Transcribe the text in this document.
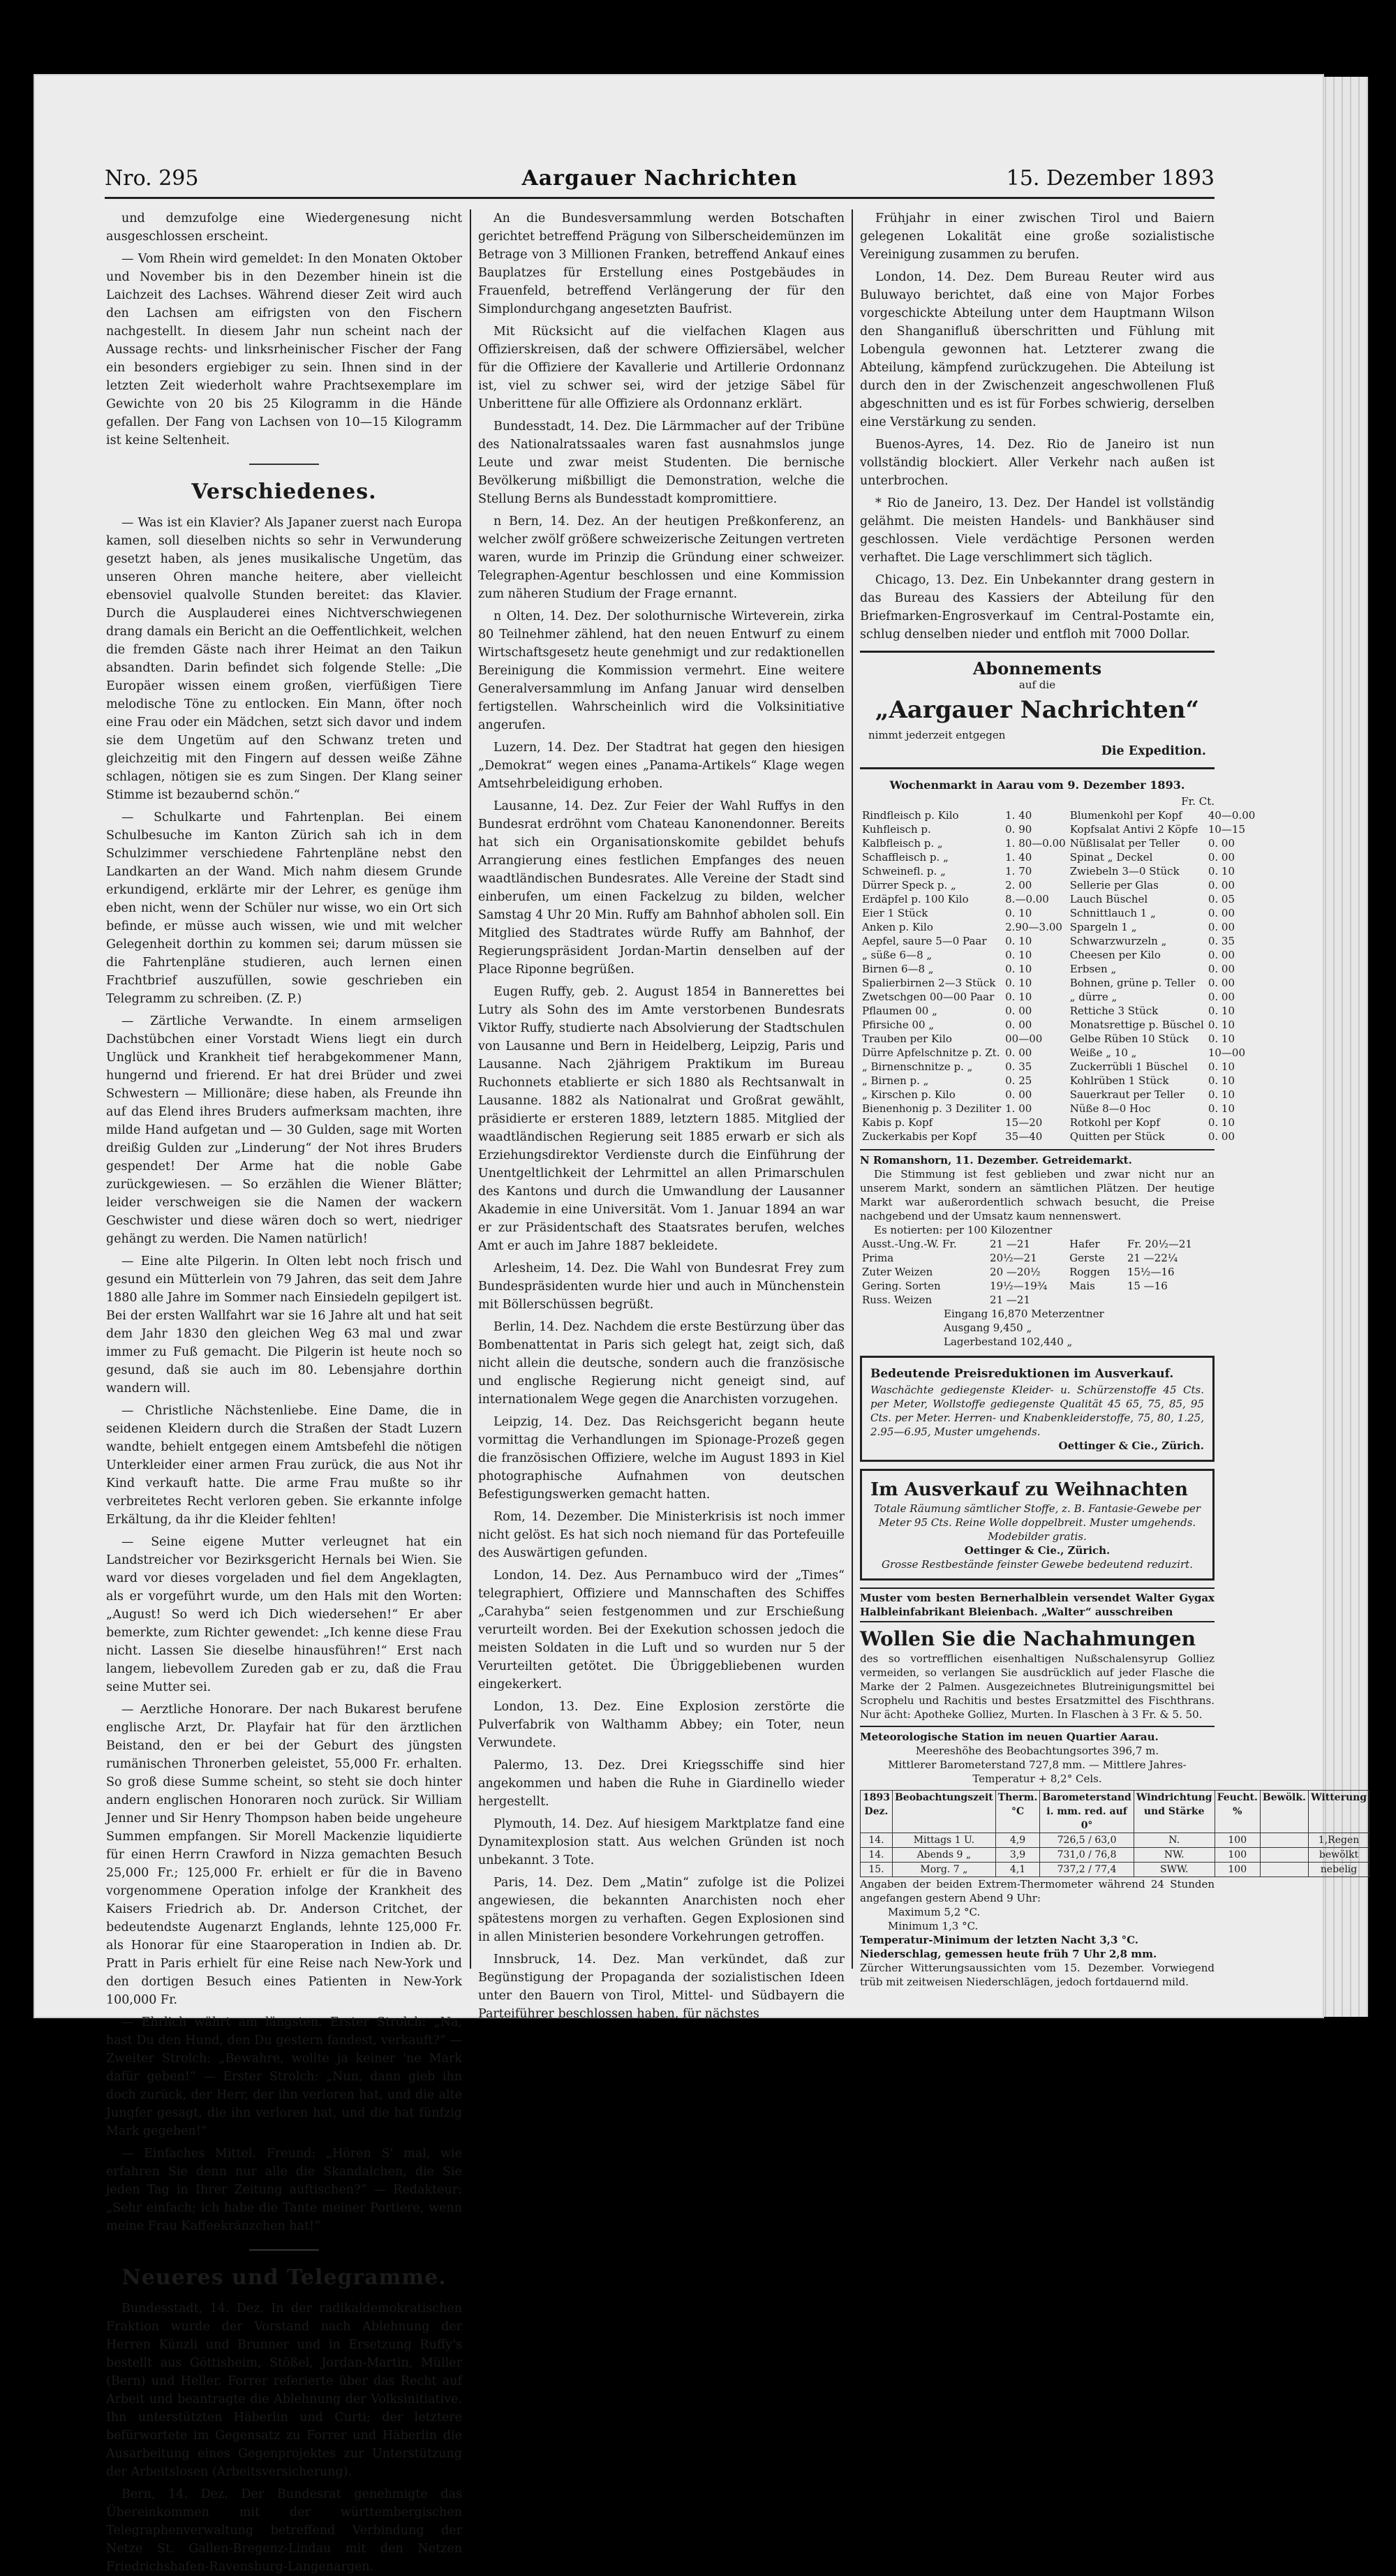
Nro. 295	Aargauer Nachrichten	15. Dezember 1893

und demzufolge eine Wiedergenesung nicht ausgeschlossen erscheint.

— Vom Rhein wird gemeldet: In den Monaten Oktober und November bis in den Dezember hinein ist die Laichzeit des Lachses. Während dieser Zeit wird auch den Lachsen am eifrigsten von den Fischern nachgestellt. In diesem Jahr nun scheint nach der Aussage rechts- und linksrheinischer Fischer der Fang ein besonders ergiebiger zu sein. Ihnen sind in der letzten Zeit wiederholt wahre Prachtsexemplare im Gewichte von 20 bis 25 Kilogramm in die Hände gefallen. Der Fang von Lachsen von 10—15 Kilogramm ist keine Seltenheit.

Verschiedenes.

— Was ist ein Klavier? Als Japaner zuerst nach Europa kamen, soll dieselben nichts so sehr in Verwunderung gesetzt haben, als jenes musikalische Ungetüm, das unseren Ohren manche heitere, aber vielleicht ebensoviel qualvolle Stunden bereitet: das Klavier. Durch die Ausplauderei eines Nichtverschwiegenen drang damals ein Bericht an die Oeffentlichkeit, welchen die fremden Gäste nach ihrer Heimat an den Taikun absandten. Darin befindet sich folgende Stelle: „Die Europäer wissen einem großen, vierfüßigen Tiere melodische Töne zu entlocken. Ein Mann, öfter noch eine Frau oder ein Mädchen, setzt sich davor und indem sie dem Ungetüm auf den Schwanz treten und gleichzeitig mit den Fingern auf dessen weiße Zähne schlagen, nötigen sie es zum Singen. Der Klang seiner Stimme ist bezaubernd schön.“

— Schulkarte und Fahrtenplan. Bei einem Schulbesuche im Kanton Zürich sah ich in dem Schulzimmer verschiedene Fahrtenpläne nebst den Landkarten an der Wand. Mich nahm diesem Grunde erkundigend, erklärte mir der Lehrer, es genüge ihm eben nicht, wenn der Schüler nur wisse, wo ein Ort sich befinde, er müsse auch wissen, wie und mit welcher Gelegenheit dorthin zu kommen sei; darum müssen sie die Fahrtenpläne studieren, auch lernen einen Frachtbrief auszufüllen, sowie geschrieben ein Telegramm zu schreiben. (Z. P.)

— Zärtliche Verwandte. In einem armseligen Dachstübchen einer Vorstadt Wiens liegt ein durch Unglück und Krankheit tief herabgekommener Mann, hungernd und frierend. Er hat drei Brüder und zwei Schwestern — Millionäre; diese haben, als Freunde ihn auf das Elend ihres Bruders aufmerksam machten, ihre milde Hand aufgetan und — 30 Gulden, sage mit Worten dreißig Gulden zur „Linderung“ der Not ihres Bruders gespendet! Der Arme hat die noble Gabe zurückgewiesen. — So erzählen die Wiener Blätter; leider verschweigen sie die Namen der wackern Geschwister und diese wären doch so wert, niedriger gehängt zu werden. Die Namen natürlich!

— Eine alte Pilgerin. In Olten lebt noch frisch und gesund ein Mütterlein von 79 Jahren, das seit dem Jahre 1880 alle Jahre im Sommer nach Einsiedeln gepilgert ist. Bei der ersten Wallfahrt war sie 16 Jahre alt und hat seit dem Jahr 1830 den gleichen Weg 63 mal und zwar immer zu Fuß gemacht. Die Pilgerin ist heute noch so gesund, daß sie auch im 80. Lebensjahre dorthin wandern will.

— Christliche Nächstenliebe. Eine Dame, die in seidenen Kleidern durch die Straßen der Stadt Luzern wandte, behielt entgegen einem Amtsbefehl die nötigen Unterkleider einer armen Frau zurück, die aus Not ihr Kind verkauft hatte. Die arme Frau mußte so ihr verbreitetes Recht verloren geben. Sie erkannte infolge Erkältung, da ihr die Kleider fehlten!

— Seine eigene Mutter verleugnet hat ein Landstreicher vor Bezirksgericht Hernals bei Wien. Sie ward vor dieses vorgeladen und fiel dem Angeklagten, als er vorgeführt wurde, um den Hals mit den Worten: „August! So werd ich Dich wiedersehen!“ Er aber bemerkte, zum Richter gewendet: „Ich kenne diese Frau nicht. Lassen Sie dieselbe hinausführen!“ Erst nach langem, liebevollem Zureden gab er zu, daß die Frau seine Mutter sei.

— Aerztliche Honorare. Der nach Bukarest berufene englische Arzt, Dr. Playfair hat für den ärztlichen Beistand, den er bei der Geburt des jüngsten rumänischen Thronerben geleistet, 55,000 Fr. erhalten. So groß diese Summe scheint, so steht sie doch hinter andern englischen Honoraren noch zurück. Sir William Jenner und Sir Henry Thompson haben beide ungeheure Summen empfangen. Sir Morell Mackenzie liquidierte für einen Herrn Crawford in Nizza gemachten Besuch 25,000 Fr.; 125,000 Fr. erhielt er für die in Baveno vorgenommene Operation infolge der Krankheit des Kaisers Friedrich ab. Dr. Anderson Critchet, der bedeutendste Augenarzt Englands, lehnte 125,000 Fr. als Honorar für eine Staaroperation in Indien ab. Dr. Pratt in Paris erhielt für eine Reise nach New-York und den dortigen Besuch eines Patienten in New-York 100,000 Fr.

— Ehrlich währt am längsten. Erster Strolch: „Na, hast Du den Hund, den Du gestern fandest, verkauft?“ — Zweiter Strolch: „Bewahre, wollte ja keiner 'ne Mark dafür geben!“ — Erster Strolch: „Nun, dann gieb ihn doch zurück, der Herr, der ihn verloren hat, und die alte Jungfer gesagt, die ihn verloren hat, und die hat fünfzig Mark gegeben!“

— Einfaches Mittel. Freund: „Hören S' mal, wie erfahren Sie denn nur alle die Skandalchen, die Sie jeden Tag in Ihrer Zeitung auftischen?“ — Redakteur: „Sehr einfach; ich habe die Tante meiner Portiere, wenn meine Frau Kaffeekränzchen hat!“

Neueres und Telegramme.

Bundesstadt, 14. Dez. In der radikaldemokratischen Fraktion wurde der Vorstand nach Ablehnung der Herren Künzli und Brunner und in Ersetzung Ruffy's bestellt aus Göttisheim, Stößel, Jordan-Martin, Müller (Bern) und Heller. Forrer referierte über das Recht auf Arbeit und beantragte die Ablehnung der Volksinitiative. Ihn unterstützten Häberlin und Curti; der letztere befürwortete im Gegensatz zu Forrer und Häberlin die Ausarbeitung eines Gegenprojektes zur Unterstützung der Arbeitslosen (Arbeitsversicherung).

Bern, 14. Dez. Der Bundesrat genehmigte das Übereinkommen mit der württembergischen Telegraphenverwaltung betreffend Verbindung der Netze St. Gallen-Bregenz-Lindau mit den Netzen Friedrichshafen-Ravensburg-Langenargen.

An die Bundesversammlung werden Botschaften gerichtet betreffend Prägung von Silberscheidemünzen im Betrage von 3 Millionen Franken, betreffend Ankauf eines Bauplatzes für Erstellung eines Postgebäudes in Frauenfeld, betreffend Verlängerung der für den Simplondurchgang angesetzten Baufrist.

Mit Rücksicht auf die vielfachen Klagen aus Offizierskreisen, daß der schwere Offiziersäbel, welcher für die Offiziere der Kavallerie und Artillerie Ordonnanz ist, viel zu schwer sei, wird der jetzige Säbel für Unberittene für alle Offiziere als Ordonnanz erklärt.

Bundesstadt, 14. Dez. Die Lärmmacher auf der Tribüne des Nationalratssaales waren fast ausnahmslos junge Leute und zwar meist Studenten. Die bernische Bevölkerung mißbilligt die Demonstration, welche die Stellung Berns als Bundesstadt kompromittiere.

n Bern, 14. Dez. An der heutigen Preßkonferenz, an welcher zwölf größere schweizerische Zeitungen vertreten waren, wurde im Prinzip die Gründung einer schweizer. Telegraphen-Agentur beschlossen und eine Kommission zum näheren Studium der Frage ernannt.

n Olten, 14. Dez. Der solothurnische Wirteverein, zirka 80 Teilnehmer zählend, hat den neuen Entwurf zu einem Wirtschaftsgesetz heute genehmigt und zur redaktionellen Bereinigung die Kommission vermehrt. Eine weitere Generalversammlung im Anfang Januar wird denselben fertigstellen. Wahrscheinlich wird die Volksinitiative angerufen.

Luzern, 14. Dez. Der Stadtrat hat gegen den hiesigen „Demokrat“ wegen eines „Panama-Artikels“ Klage wegen Amtsehrbeleidigung erhoben.

Lausanne, 14. Dez. Zur Feier der Wahl Ruffys in den Bundesrat erdröhnt vom Chateau Kanonendonner. Bereits hat sich ein Organisationskomite gebildet behufs Arrangierung eines festlichen Empfanges des neuen waadtländischen Bundesrates. Alle Vereine der Stadt sind einberufen, um einen Fackelzug zu bilden, welcher Samstag 4 Uhr 20 Min. Ruffy am Bahnhof abholen soll. Ein Mitglied des Stadtrates würde Ruffy am Bahnhof, der Regierungspräsident Jordan-Martin denselben auf der Place Riponne begrüßen.

Eugen Ruffy, geb. 2. August 1854 in Bannerettes bei Lutry als Sohn des im Amte verstorbenen Bundesrats Viktor Ruffy, studierte nach Absolvierung der Stadtschulen von Lausanne und Bern in Heidelberg, Leipzig, Paris und Lausanne. Nach 2jährigem Praktikum im Bureau Ruchonnets etablierte er sich 1880 als Rechtsanwalt in Lausanne. 1882 als Nationalrat und Großrat gewählt, präsidierte er ersteren 1889, letztern 1885. Mitglied der waadtländischen Regierung seit 1885 erwarb er sich als Erziehungsdirektor Verdienste durch die Einführung der Unentgeltlichkeit der Lehrmittel an allen Primarschulen des Kantons und durch die Umwandlung der Lausanner Akademie in eine Universität. Vom 1. Januar 1894 an war er zur Präsidentschaft des Staatsrates berufen, welches Amt er auch im Jahre 1887 bekleidete.

Arlesheim, 14. Dez. Die Wahl von Bundesrat Frey zum Bundespräsidenten wurde hier und auch in Münchenstein mit Böllerschüssen begrüßt.

Berlin, 14. Dez. Nachdem die erste Bestürzung über das Bombenattentat in Paris sich gelegt hat, zeigt sich, daß nicht allein die deutsche, sondern auch die französische und englische Regierung nicht geneigt sind, auf internationalem Wege gegen die Anarchisten vorzugehen.

Leipzig, 14. Dez. Das Reichsgericht begann heute vormittag die Verhandlungen im Spionage-Prozeß gegen die französischen Offiziere, welche im August 1893 in Kiel photographische Aufnahmen von deutschen Befestigungswerken gemacht hatten.

Rom, 14. Dezember. Die Ministerkrisis ist noch immer nicht gelöst. Es hat sich noch niemand für das Portefeuille des Auswärtigen gefunden.

London, 14. Dez. Aus Pernambuco wird der „Times“ telegraphiert, Offiziere und Mannschaften des Schiffes „Carahyba“ seien festgenommen und zur Erschießung verurteilt worden. Bei der Exekution schossen jedoch die meisten Soldaten in die Luft und so wurden nur 5 der Verurteilten getötet. Die Übriggebliebenen wurden eingekerkert.

London, 13. Dez. Eine Explosion zerstörte die Pulverfabrik von Walthamm Abbey; ein Toter, neun Verwundete.

Palermo, 13. Dez. Drei Kriegsschiffe sind hier angekommen und haben die Ruhe in Giardinello wieder hergestellt.

Plymouth, 14. Dez. Auf hiesigem Marktplatze fand eine Dynamitexplosion statt. Aus welchen Gründen ist noch unbekannt. 3 Tote.

Paris, 14. Dez. Dem „Matin“ zufolge ist die Polizei angewiesen, die bekannten Anarchisten noch eher spätestens morgen zu verhaften. Gegen Explosionen sind in allen Ministerien besondere Vorkehrungen getroffen.

Innsbruck, 14. Dez. Man verkündet, daß zur Begünstigung der Propaganda der sozialistischen Ideen unter den Bauern von Tirol, Mittel- und Südbayern die Parteiführer beschlossen haben, für nächstes

Frühjahr in einer zwischen Tirol und Baiern gelegenen Lokalität eine große sozialistische Vereinigung zusammen zu berufen.

London, 14. Dez. Dem Bureau Reuter wird aus Buluwayo berichtet, daß eine von Major Forbes vorgeschickte Abteilung unter dem Hauptmann Wilson den Shanganifluß überschritten und Fühlung mit Lobengula gewonnen hat. Letzterer zwang die Abteilung, kämpfend zurückzugehen. Die Abteilung ist durch den in der Zwischenzeit angeschwollenen Fluß abgeschnitten und es ist für Forbes schwierig, derselben eine Verstärkung zu senden.

Buenos-Ayres, 14. Dez. Rio de Janeiro ist nun vollständig blockiert. Aller Verkehr nach außen ist unterbrochen.

* Rio de Janeiro, 13. Dez. Der Handel ist vollständig gelähmt. Die meisten Handels- und Bankhäuser sind geschlossen. Viele verdächtige Personen werden verhaftet. Die Lage verschlimmert sich täglich.

Chicago, 13. Dez. Ein Unbekannter drang gestern in das Bureau des Kassiers der Abteilung für den Briefmarken-Engrosverkauf im Central-Postamte ein, schlug denselben nieder und entfloh mit 7000 Dollar.

Abonnements
auf die
„Aargauer Nachrichten“
nimmt jederzeit entgegen
Die Expedition.
Wochenmarkt in Aarau vom 9. Dezember 1893.
Fr. Ct.
Rindfleisch p. Kilo	1. 40	Blumenkohl per Kopf	40—0.00
Kuhfleisch p.	0. 90	Kopfsalat Antivi 2 Köpfe	10—15
Kalbfleisch p. „	1. 80—0.00	Nüßlisalat per Teller	0. 00
Schaffleisch p. „	1. 40	Spinat „ Deckel	0. 00
Schweinefl. p. „	1. 70	Zwiebeln 3—0 Stück	0. 10
Dürrer Speck p. „	2. 00	Sellerie per Glas	0. 00
Erdäpfel p. 100 Kilo	8.—0.00	Lauch Büschel	0. 05
Eier 1 Stück	0. 10	Schnittlauch 1 „	0. 00
Anken p. Kilo	2.90—3.00	Spargeln 1 „	0. 00
Aepfel, saure 5—0 Paar	0. 10	Schwarzwurzeln „	0. 35
„ süße 6—8 „	0. 10	Cheesen per Kilo	0. 00
Birnen 6—8 „	0. 10	Erbsen „	0. 00
Spalierbirnen 2—3 Stück	0. 10	Bohnen, grüne p. Teller	0. 00
Zwetschgen 00—00 Paar	0. 10	„ dürre „	0. 00
Pflaumen 00 „	0. 00	Rettiche 3 Stück	0. 10
Pfirsiche 00 „	0. 00	Monatsrettige p. Büschel	0. 10
Trauben per Kilo	00—00	Gelbe Rüben 10 Stück	0. 10
Dürre Apfelschnitze p. Zt.	0. 00	Weiße „ 10 „	10—00
„ Birnenschnitze p. „	0. 35	Zuckerrübli 1 Büschel	0. 10
„ Birnen p. „	0. 25	Kohlrüben 1 Stück	0. 10
„ Kirschen p. Kilo	0. 00	Sauerkraut per Teller	0. 10
Bienenhonig p. 3 Deziliter	1. 00	Nüße 8—0 Hoc	0. 10
Kabis p. Kopf	15—20	Rotkohl per Kopf	0. 10
Zuckerkabis per Kopf	35—40	Quitten per Stück	0. 00
N Romanshorn, 11. Dezember. Getreidemarkt.
Die Stimmung ist fest geblieben und zwar nicht nur an unserem Markt, sondern an sämtlichen Plätzen. Der heutige Markt war außerordentlich schwach besucht, die Preise nachgebend und der Umsatz kaum nennenswert.
Es notierten: per 100 Kilozentner
Ausst.-Ung.-W. Fr.	21 —21	Hafer	Fr. 20½—21
Prima	20½—21	Gerste	21 —22¼
Zuter Weizen	20 —20½	Roggen	15½—16
Gering. Sorten	19½—19¾	Mais	15 —16
Russ. Weizen	21 —21		
Eingang 16,870 Meterzentner
Ausgang 9,450 „
Lagerbestand 102,440 „
Bedeutende Preisreduktionen im Ausverkauf.
Waschächte gediegenste Kleider- u. Schürzenstoffe 45 Cts. per Meter, Wollstoffe gediegenste Qualität 45 65, 75, 85, 95 Cts. per Meter. Herren- und Knabenkleiderstoffe, 75, 80, 1.25, 2.95—6.95, Muster umgehends.
Oettinger & Cie., Zürich.
Im Ausverkauf zu Weihnachten
Totale Räumung sämtlicher Stoffe, z. B. Fantasie-Gewebe per Meter 95 Cts. Reine Wolle doppelbreit. Muster umgehends. Modebilder gratis.
Oettinger & Cie., Zürich.
Grosse Restbestände feinster Gewebe bedeutend reduzirt.
Muster vom besten Bernerhalblein versendet Walter Gygax Halbleinfabrikant Bleienbach. „Walter“ ausschreiben
Wollen Sie die Nachahmungen
des so vortrefflichen eisenhaltigen Nußschalensyrup Golliez vermeiden, so verlangen Sie ausdrücklich auf jeder Flasche die Marke der 2 Palmen. Ausgezeichnetes Blutreinigungsmittel bei Scrophelu und Rachitis und bestes Ersatzmittel des Fischthrans. Nur ächt: Apotheke Golliez, Murten. In Flaschen à 3 Fr. & 5. 50.
Meteorologische Station im neuen Quartier Aarau.
Meereshöhe des Beobachtungsortes 396,7 m.
Mittlerer Barometerstand 727,8 mm. — Mittlere Jahres-Temperatur + 8,2° Cels.
1893 Dez.	Beobachtungszeit	Therm. °C	Barometerstand i. mm. red. auf 0°	Windrichtung und Stärke	Feucht. %	Bewölk.	Witterung
14.	Mittags 1 U.	4,9	726,5 / 63,0	N.	100		1,Regen
14.	Abends 9 „	3,9	731,0 / 76,8	NW.	100		bewölkt
15.	Morg. 7 „	4,1	737,2 / 77,4	SWW.	100		nebelig
Angaben der beiden Extrem-Thermometer während 24 Stunden angefangen gestern Abend 9 Uhr:
Maximum 5,2 °C.
Minimum 1,3 °C.
Temperatur-Minimum der letzten Nacht 3,3 °C.
Niederschlag, gemessen heute früh 7 Uhr 2,8 mm.
Zürcher Witterungsaussichten vom 15. Dezember. Vorwiegend trüb mit zeitweisen Niederschlägen, jedoch fortdauernd mild.
